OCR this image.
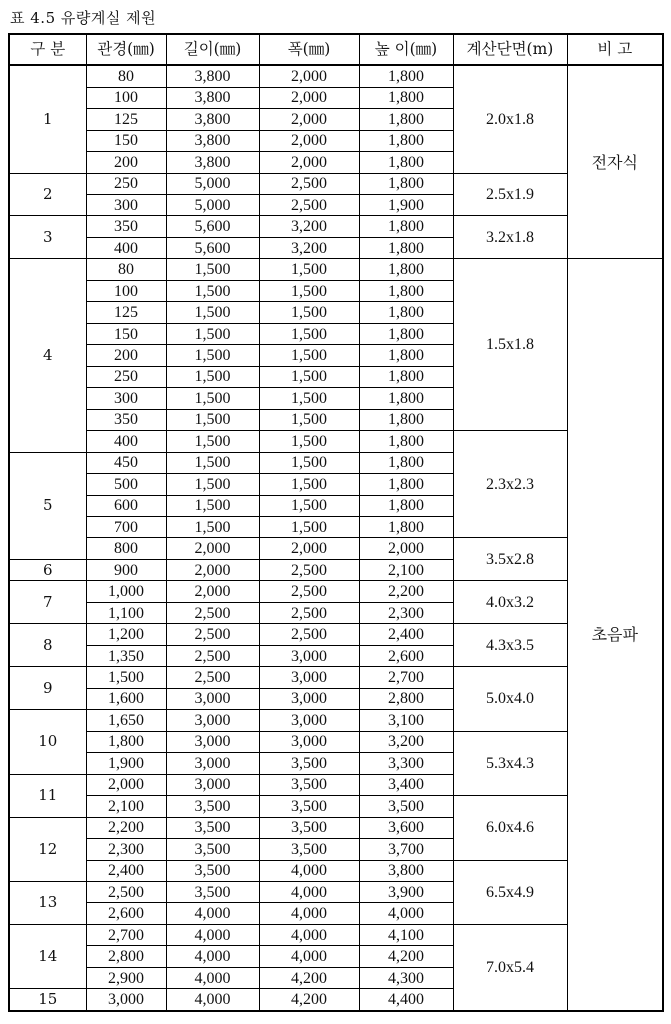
표 4.5 유량계실 제원
구 분	관경(㎜)	길이(㎜)	폭(㎜)	높 이(㎜)	계산단면(m)	비 고
1	80	3,800	2,000	1,800	2.0x1.8	전자식
	100	3,800	2,000	1,800		
	125	3,800	2,000	1,800		
	150	3,800	2,000	1,800		
	200	3,800	2,000	1,800		
2	250	5,000	2,500	1,800	2.5x1.9	
	300	5,000	2,500	1,900		
3	350	5,600	3,200	1,800	3.2x1.8	
	400	5,600	3,200	1,800		
4	80	1,500	1,500	1,800	1.5x1.8	초음파
	100	1,500	1,500	1,800		
	125	1,500	1,500	1,800		
	150	1,500	1,500	1,800		
	200	1,500	1,500	1,800		
	250	1,500	1,500	1,800		
	300	1,500	1,500	1,800		
	350	1,500	1,500	1,800		
	400	1,500	1,500	1,800	2.3x2.3	
5	450	1,500	1,500	1,800		
	500	1,500	1,500	1,800		
	600	1,500	1,500	1,800		
	700	1,500	1,500	1,800		
	800	2,000	2,000	2,000	3.5x2.8	
6	900	2,000	2,500	2,100		
7	1,000	2,000	2,500	2,200	4.0x3.2	
	1,100	2,500	2,500	2,300		
8	1,200	2,500	2,500	2,400	4.3x3.5	
	1,350	2,500	3,000	2,600		
9	1,500	2,500	3,000	2,700	5.0x4.0	
	1,600	3,000	3,000	2,800		
10	1,650	3,000	3,000	3,100		
	1,800	3,000	3,000	3,200	5.3x4.3	
	1,900	3,000	3,500	3,300		
11	2,000	3,000	3,500	3,400		
	2,100	3,500	3,500	3,500	6.0x4.6	
12	2,200	3,500	3,500	3,600		
	2,300	3,500	3,500	3,700		
	2,400	3,500	4,000	3,800	6.5x4.9	
13	2,500	3,500	4,000	3,900		
	2,600	4,000	4,000	4,000		
14	2,700	4,000	4,000	4,100	7.0x5.4	
	2,800	4,000	4,000	4,200		
	2,900	4,000	4,200	4,300		
15	3,000	4,000	4,200	4,400		
